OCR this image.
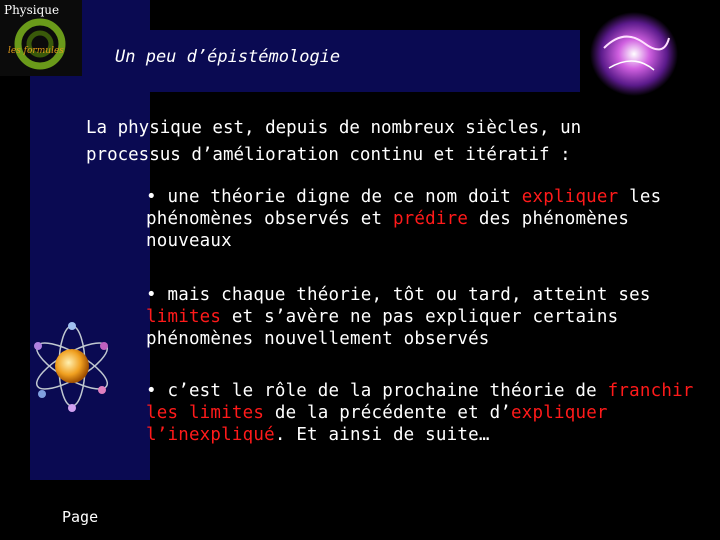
Physique
les formules	Un peu d’épistémologie
La physique est, depuis de nombreux siècles, un processus d’amélioration continu et itératif :
• une théorie digne de ce nom doit expliquer les phénomènes observés et prédire des phénomènes nouveaux
• mais chaque théorie, tôt ou tard, atteint ses limites et s’avère ne pas expliquer certains phénomènes nouvellement observés
• c’est le rôle de la prochaine théorie de franchir les limites de la précédente et d’expliquer l’inexpliqué. Et ainsi de suite…
Page
